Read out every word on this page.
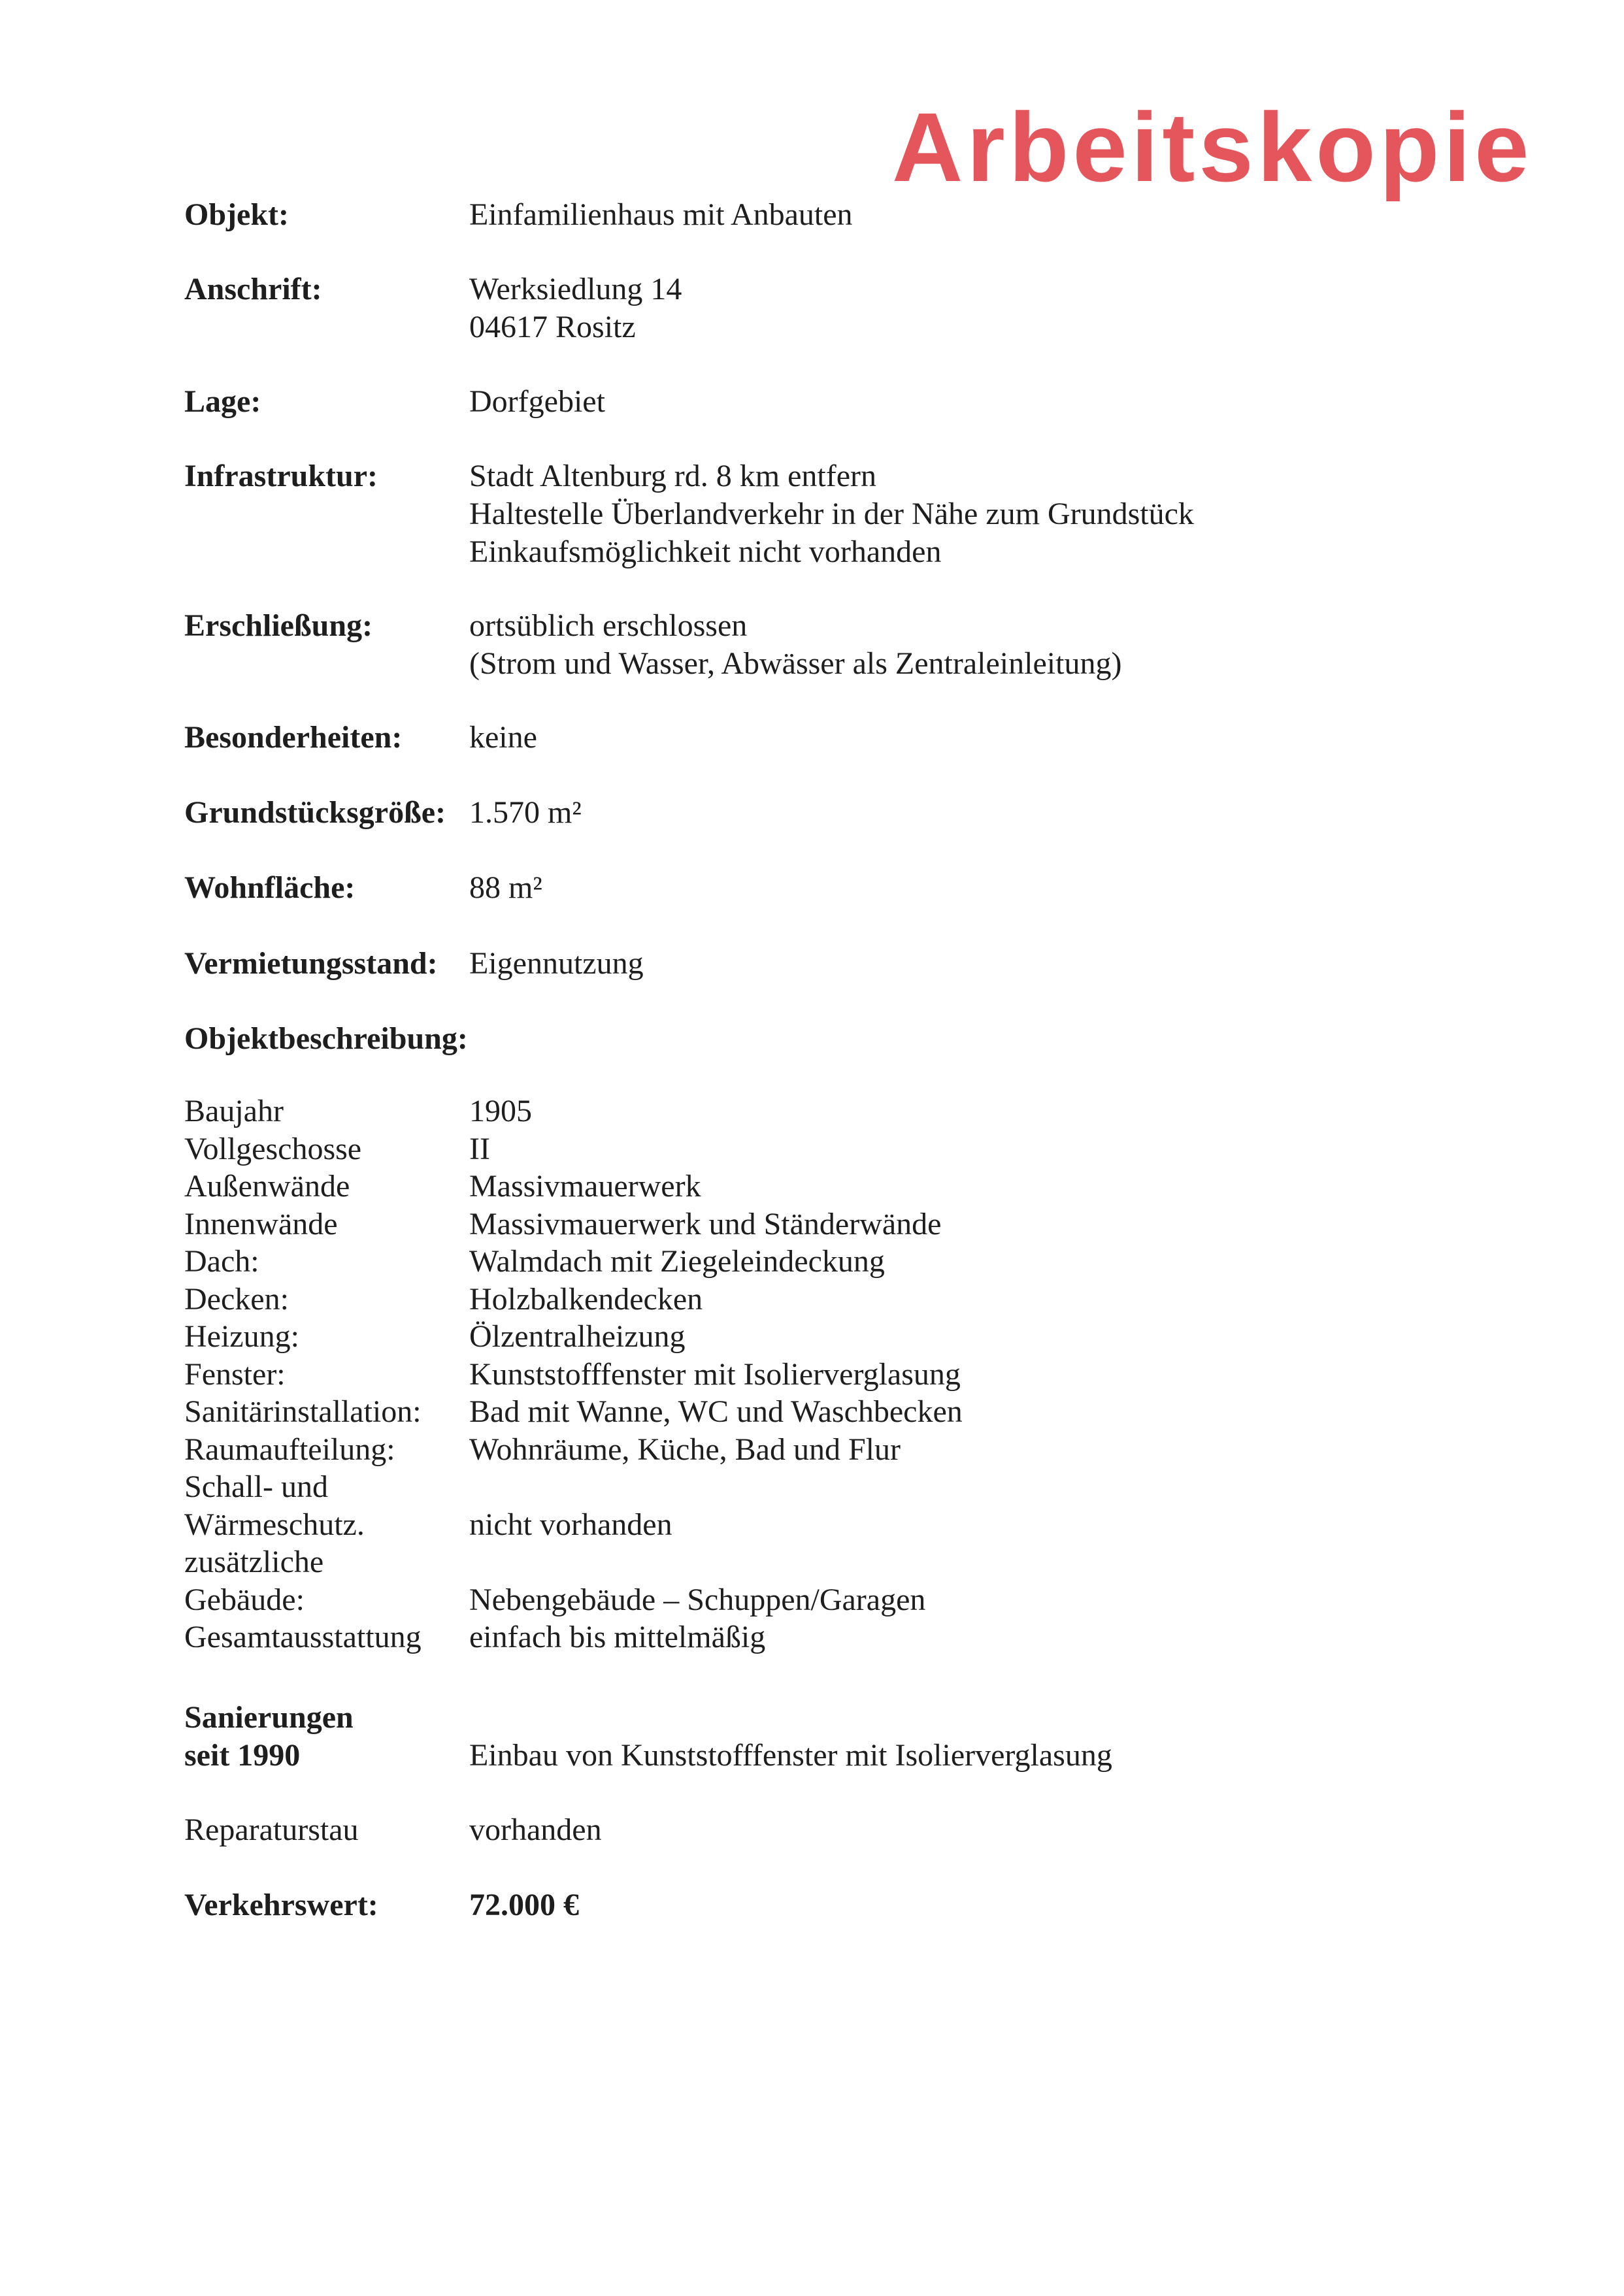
Arbeitskopie
Objekt:	Einfamilienhaus mit Anbauten
Anschrift:	Werksiedlung 14
04617 Rositz
Lage:	Dorfgebiet
Infrastruktur:	Stadt Altenburg rd. 8 km entfern
Haltestelle Überlandverkehr in der Nähe zum Grundstück
Einkaufsmöglichkeit nicht vorhanden
Erschließung:	ortsüblich erschlossen
(Strom und Wasser, Abwässer als Zentraleinleitung)
Besonderheiten: keine
Grundstücksgröße: 1.570 m²
Wohnfläche:	88 m²
Vermietungsstand: Eigennutzung
Objektbeschreibung:
Baujahr	1905
Vollgeschosse	II
Außenwände	Massivmauerwerk
Innenwände	Massivmauerwerk und Ständerwände
Dach:	Walmdach mit Ziegeleindeckung
Decken:	Holzbalkendecken
Heizung:	Ölzentralheizung
Fenster:	Kunststofffenster mit Isolierverglasung
Sanitärinstallation: Bad mit Wanne, WC und Waschbecken
Raumaufteilung: Wohnräume, Küche, Bad und Flur
Schall- und
Wärmeschutz.	nicht vorhanden
zusätzliche
Gebäude:	Nebengebäude – Schuppen/Garagen
Gesamtausstattung einfach bis mittelmäßig
Sanierungen
seit 1990	Einbau von Kunststofffenster mit Isolierverglasung
Reparaturstau	vorhanden
Verkehrswert:	72.000 €
